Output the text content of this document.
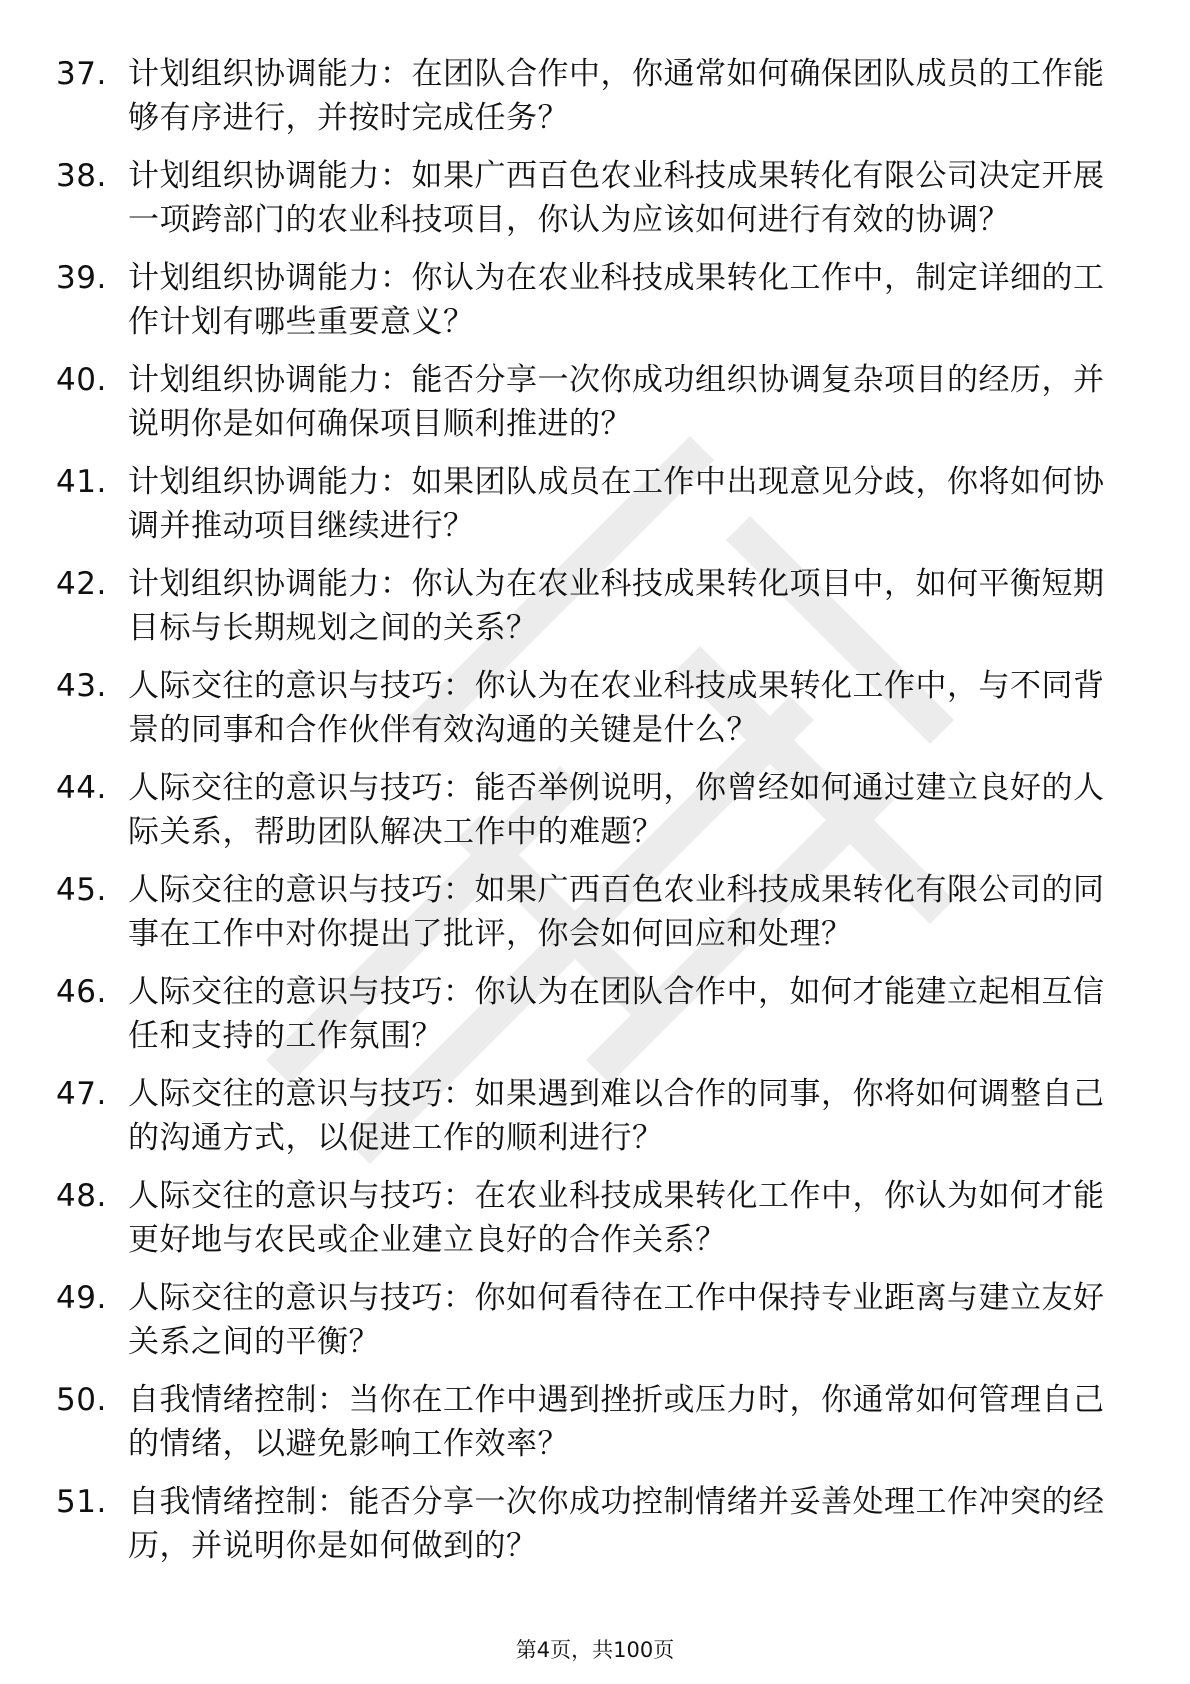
37. 计划组织协调能力：在团队合作中，你通常如何确保团队成员的工作能够有序进行，并按时完成任务？
38. 计划组织协调能力：如果广西百色农业科技成果转化有限公司决定开展一项跨部门的农业科技项目，你认为应该如何进行有效的协调？
39. 计划组织协调能力：你认为在农业科技成果转化工作中，制定详细的工作计划有哪些重要意义？
40. 计划组织协调能力：能否分享一次你成功组织协调复杂项目的经历，并说明你是如何确保项目顺利推进的？
41. 计划组织协调能力：如果团队成员在工作中出现意见分歧，你将如何协调并推动项目继续进行？
42. 计划组织协调能力：你认为在农业科技成果转化项目中，如何平衡短期目标与长期规划之间的关系？
43. 人际交往的意识与技巧：你认为在农业科技成果转化工作中，与不同背景的同事和合作伙伴有效沟通的关键是什么？
44. 人际交往的意识与技巧：能否举例说明，你曾经如何通过建立良好的人际关系，帮助团队解决工作中的难题？
45. 人际交往的意识与技巧：如果广西百色农业科技成果转化有限公司的同事在工作中对你提出了批评，你会如何回应和处理？
46. 人际交往的意识与技巧：你认为在团队合作中，如何才能建立起相互信任和支持的工作氛围？
47. 人际交往的意识与技巧：如果遇到难以合作的同事，你将如何调整自己的沟通方式，以促进工作的顺利进行？
48. 人际交往的意识与技巧：在农业科技成果转化工作中，你认为如何才能更好地与农民或企业建立良好的合作关系？
49. 人际交往的意识与技巧：你如何看待在工作中保持专业距离与建立友好关系之间的平衡？
50. 自我情绪控制：当你在工作中遇到挫折或压力时，你通常如何管理自己的情绪，以避免影响工作效率？
51. 自我情绪控制：能否分享一次你成功控制情绪并妥善处理工作冲突的经历，并说明你是如何做到的？
第4页，共100页
